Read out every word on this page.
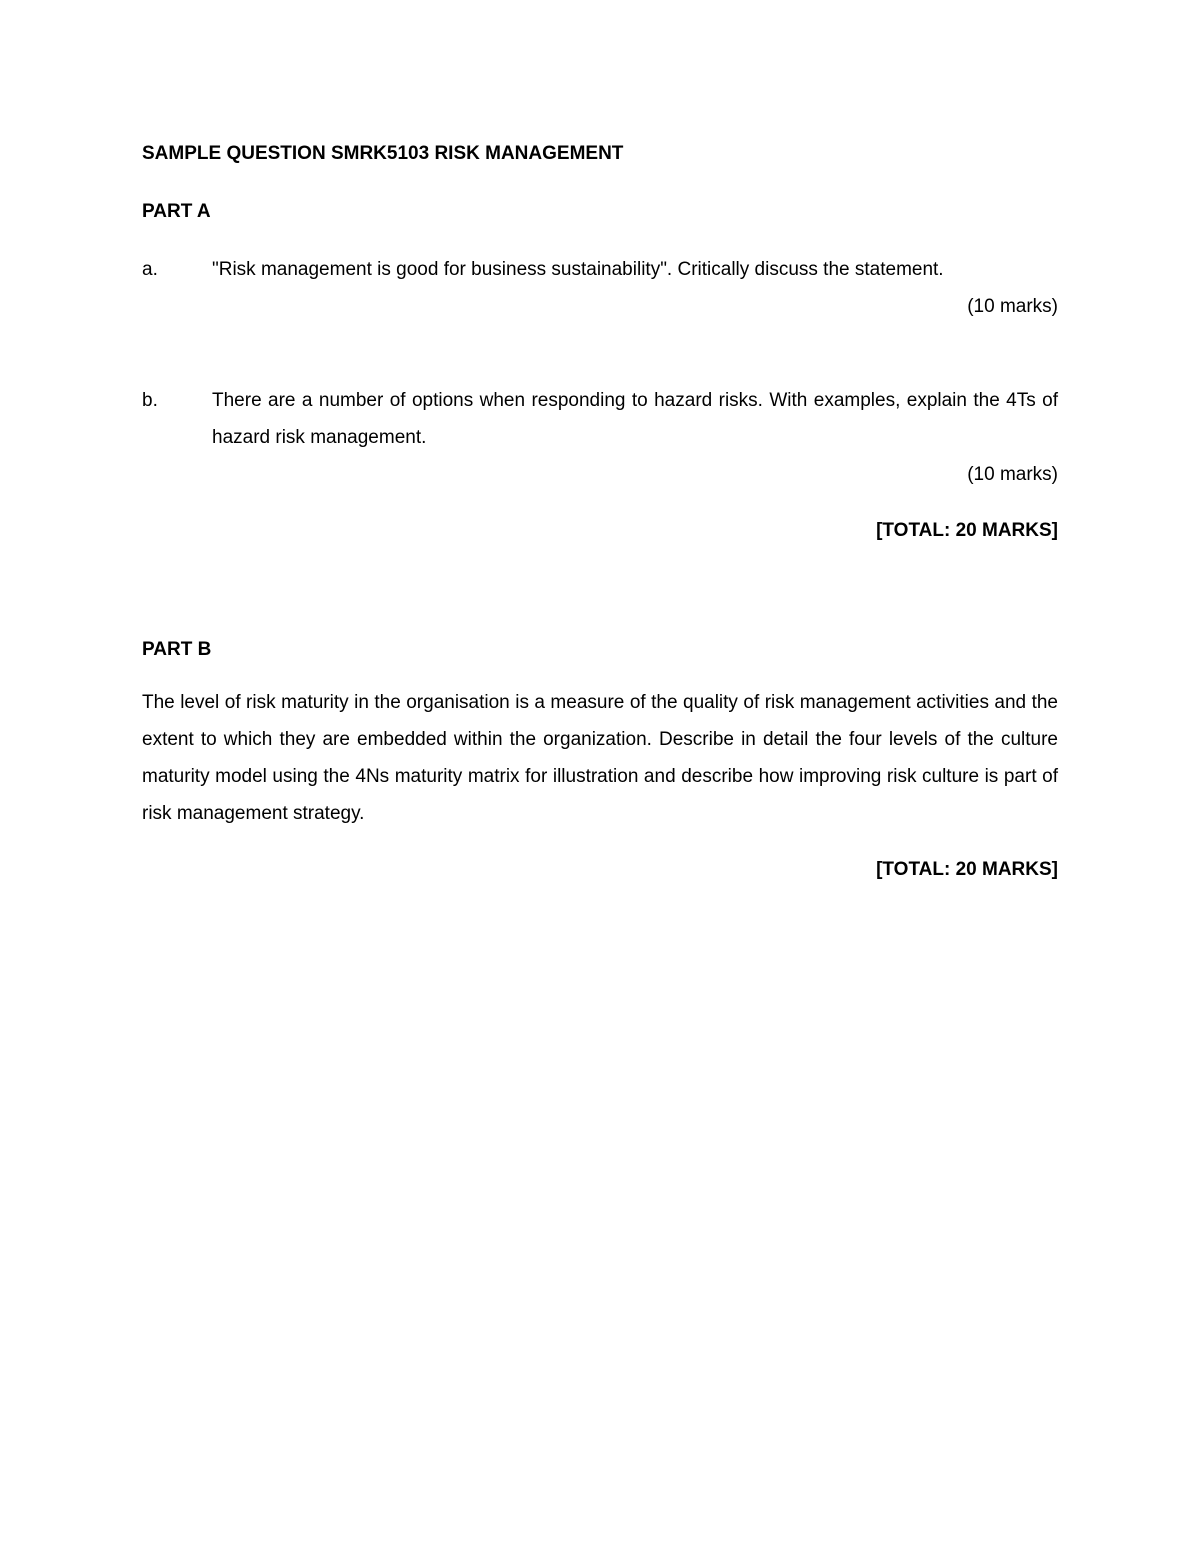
SAMPLE QUESTION SMRK5103 RISK MANAGEMENT

PART A

a.	"Risk management is good for business sustainability". Critically discuss the statement.

(10 marks)

b.	There are a number of options when responding to hazard risks. With examples, explain the 4Ts of hazard risk management.

(10 marks)

[TOTAL: 20 MARKS]

PART B

The level of risk maturity in the organisation is a measure of the quality of risk management activities and the extent to which they are embedded within the organization. Describe in detail the four levels of the culture maturity model using the 4Ns maturity matrix for illustration and describe how improving risk culture is part of risk management strategy.

[TOTAL: 20 MARKS]
